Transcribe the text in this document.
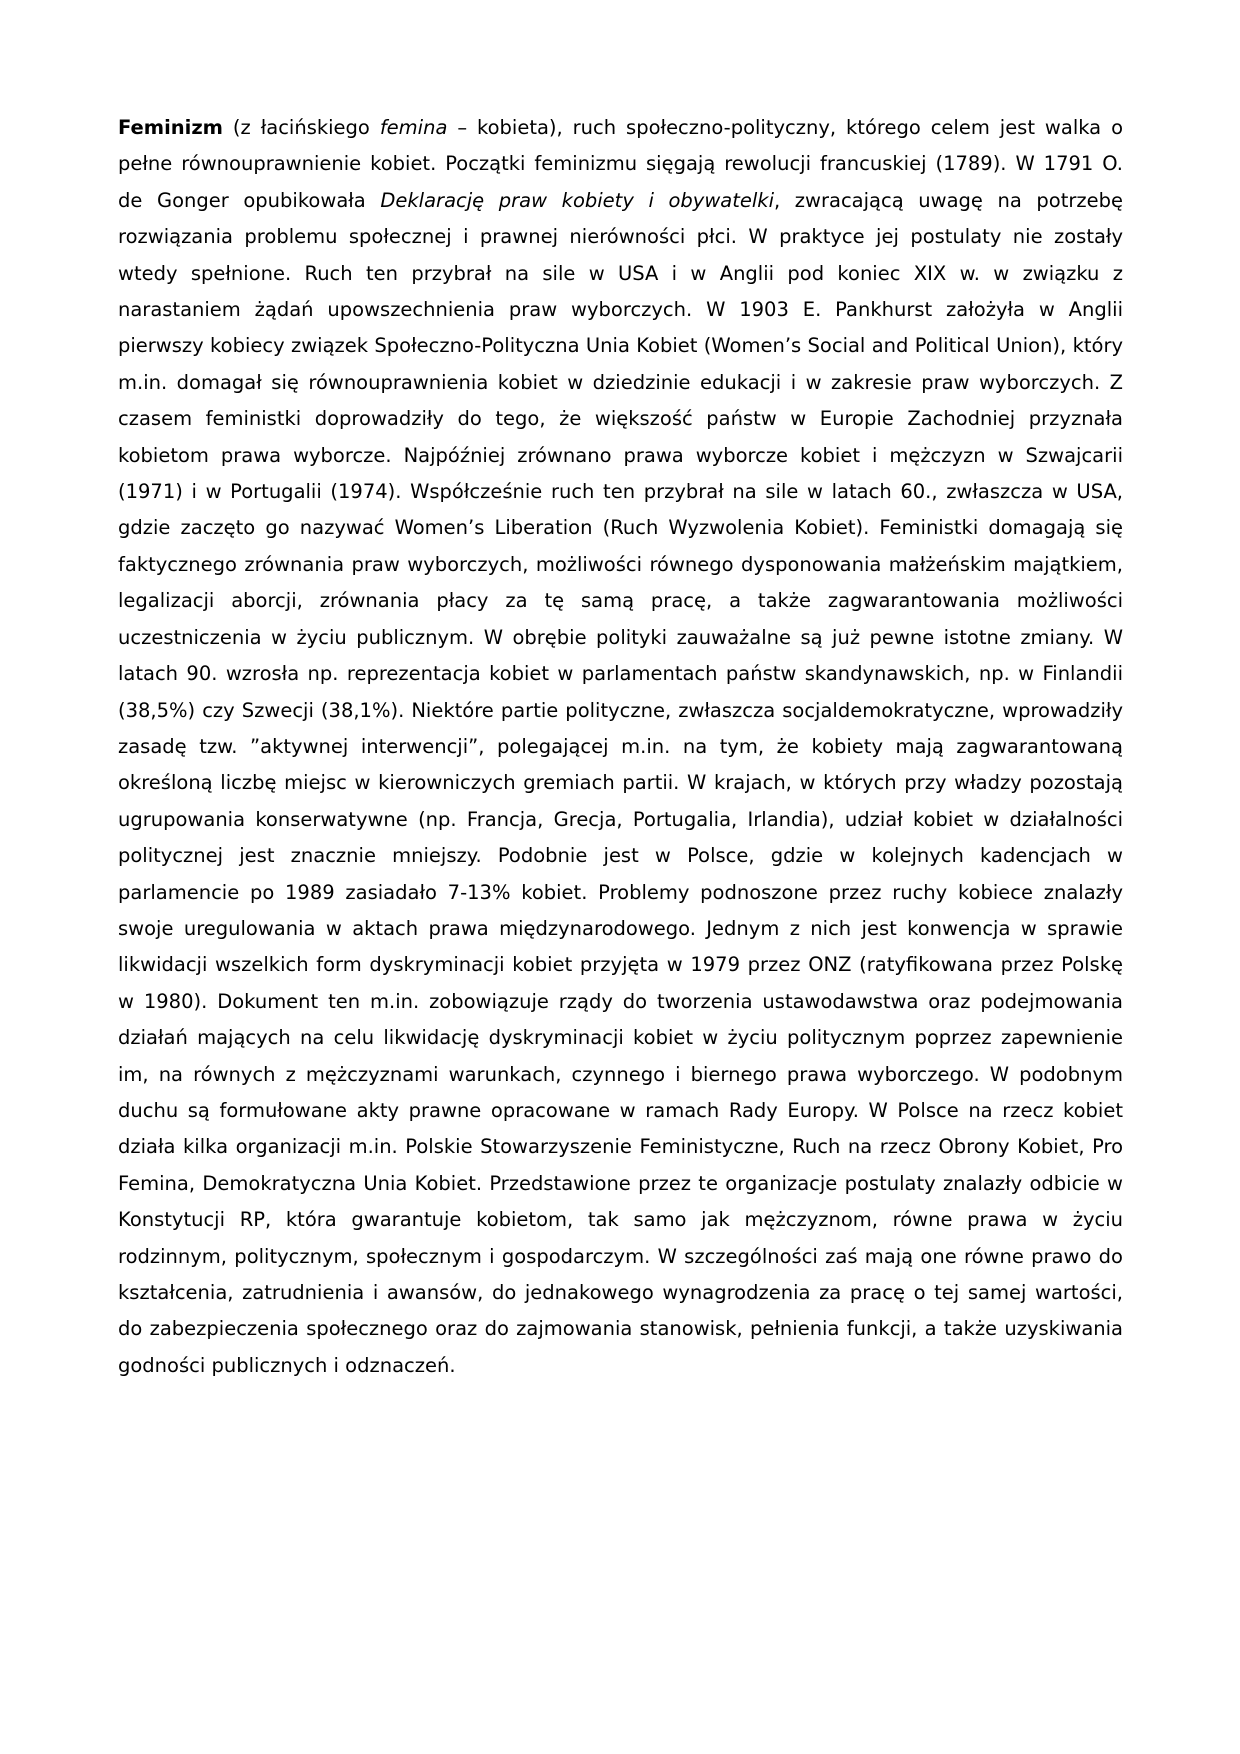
Feminizm (z łacińskiego femina – kobieta), ruch społeczno-polityczny, którego celem jest walka o pełne równouprawnienie kobiet. Początki feminizmu sięgają rewolucji francuskiej (1789). W 1791 O. de Gonger opubikowała Deklarację praw kobiety i obywatelki, zwracającą uwagę na potrzebę rozwiązania problemu społecznej i prawnej nierówności płci. W praktyce jej postulaty nie zostały wtedy spełnione. Ruch ten przybrał na sile w USA i w Anglii pod koniec XIX w. w związku z narastaniem żądań upowszechnienia praw wyborczych. W 1903 E. Pankhurst założyła w Anglii pierwszy kobiecy związek Społeczno-Polityczna Unia Kobiet (Women’s Social and Political Union), który m.in. domagał się równouprawnienia kobiet w dziedzinie edukacji i w zakresie praw wyborczych. Z czasem feministki doprowadziły do tego, że większość państw w Europie Zachodniej przyznała kobietom prawa wyborcze. Najpóźniej zrównano prawa wyborcze kobiet i mężczyzn w Szwajcarii (1971) i w Portugalii (1974). Współcześnie ruch ten przybrał na sile w latach 60., zwłaszcza w USA, gdzie zaczęto go nazywać Women’s Liberation (Ruch Wyzwolenia Kobiet). Feministki domagają się faktycznego zrównania praw wyborczych, możliwości równego dysponowania małżeńskim majątkiem, legalizacji aborcji, zrównania płacy za tę samą pracę, a także zagwarantowania możliwości uczestniczenia w życiu publicznym. W obrębie polityki zauważalne są już pewne istotne zmiany. W latach 90. wzrosła np. reprezentacja kobiet w parlamentach państw skandynawskich, np. w Finlandii (38,5%) czy Szwecji (38,1%). Niektóre partie polityczne, zwłaszcza socjaldemokratyczne, wprowadziły zasadę tzw. ”aktywnej interwencji”, polegającej m.in. na tym, że kobiety mają zagwarantowaną określoną liczbę miejsc w kierowniczych gremiach partii. W krajach, w których przy władzy pozostają ugrupowania konserwatywne (np. Francja, Grecja, Portugalia, Irlandia), udział kobiet w działalności politycznej jest znacznie mniejszy. Podobnie jest w Polsce, gdzie w kolejnych kadencjach w parlamencie po 1989 zasiadało 7-13% kobiet. Problemy podnoszone przez ruchy kobiece znalazły swoje uregulowania w aktach prawa międzynarodowego. Jednym z nich jest konwencja w sprawie likwidacji wszelkich form dyskryminacji kobiet przyjęta w 1979 przez ONZ (ratyfikowana przez Polskę w 1980). Dokument ten m.in. zobowiązuje rządy do tworzenia ustawodawstwa oraz podejmowania działań mających na celu likwidację dyskryminacji kobiet w życiu politycznym poprzez zapewnienie im, na równych z mężczyznami warunkach, czynnego i biernego prawa wyborczego. W podobnym duchu są formułowane akty prawne opracowane w ramach Rady Europy. W Polsce na rzecz kobiet działa kilka organizacji m.in. Polskie Stowarzyszenie Feministyczne, Ruch na rzecz Obrony Kobiet, Pro Femina, Demokratyczna Unia Kobiet. Przedstawione przez te organizacje postulaty znalazły odbicie w Konstytucji RP, która gwarantuje kobietom, tak samo jak mężczyznom, równe prawa w życiu rodzinnym, politycznym, społecznym i gospodarczym. W szczególności zaś mają one równe prawo do kształcenia, zatrudnienia i awansów, do jednakowego wynagrodzenia za pracę o tej samej wartości, do zabezpieczenia społecznego oraz do zajmowania stanowisk, pełnienia funkcji, a także uzyskiwania godności publicznych i odznaczeń.
